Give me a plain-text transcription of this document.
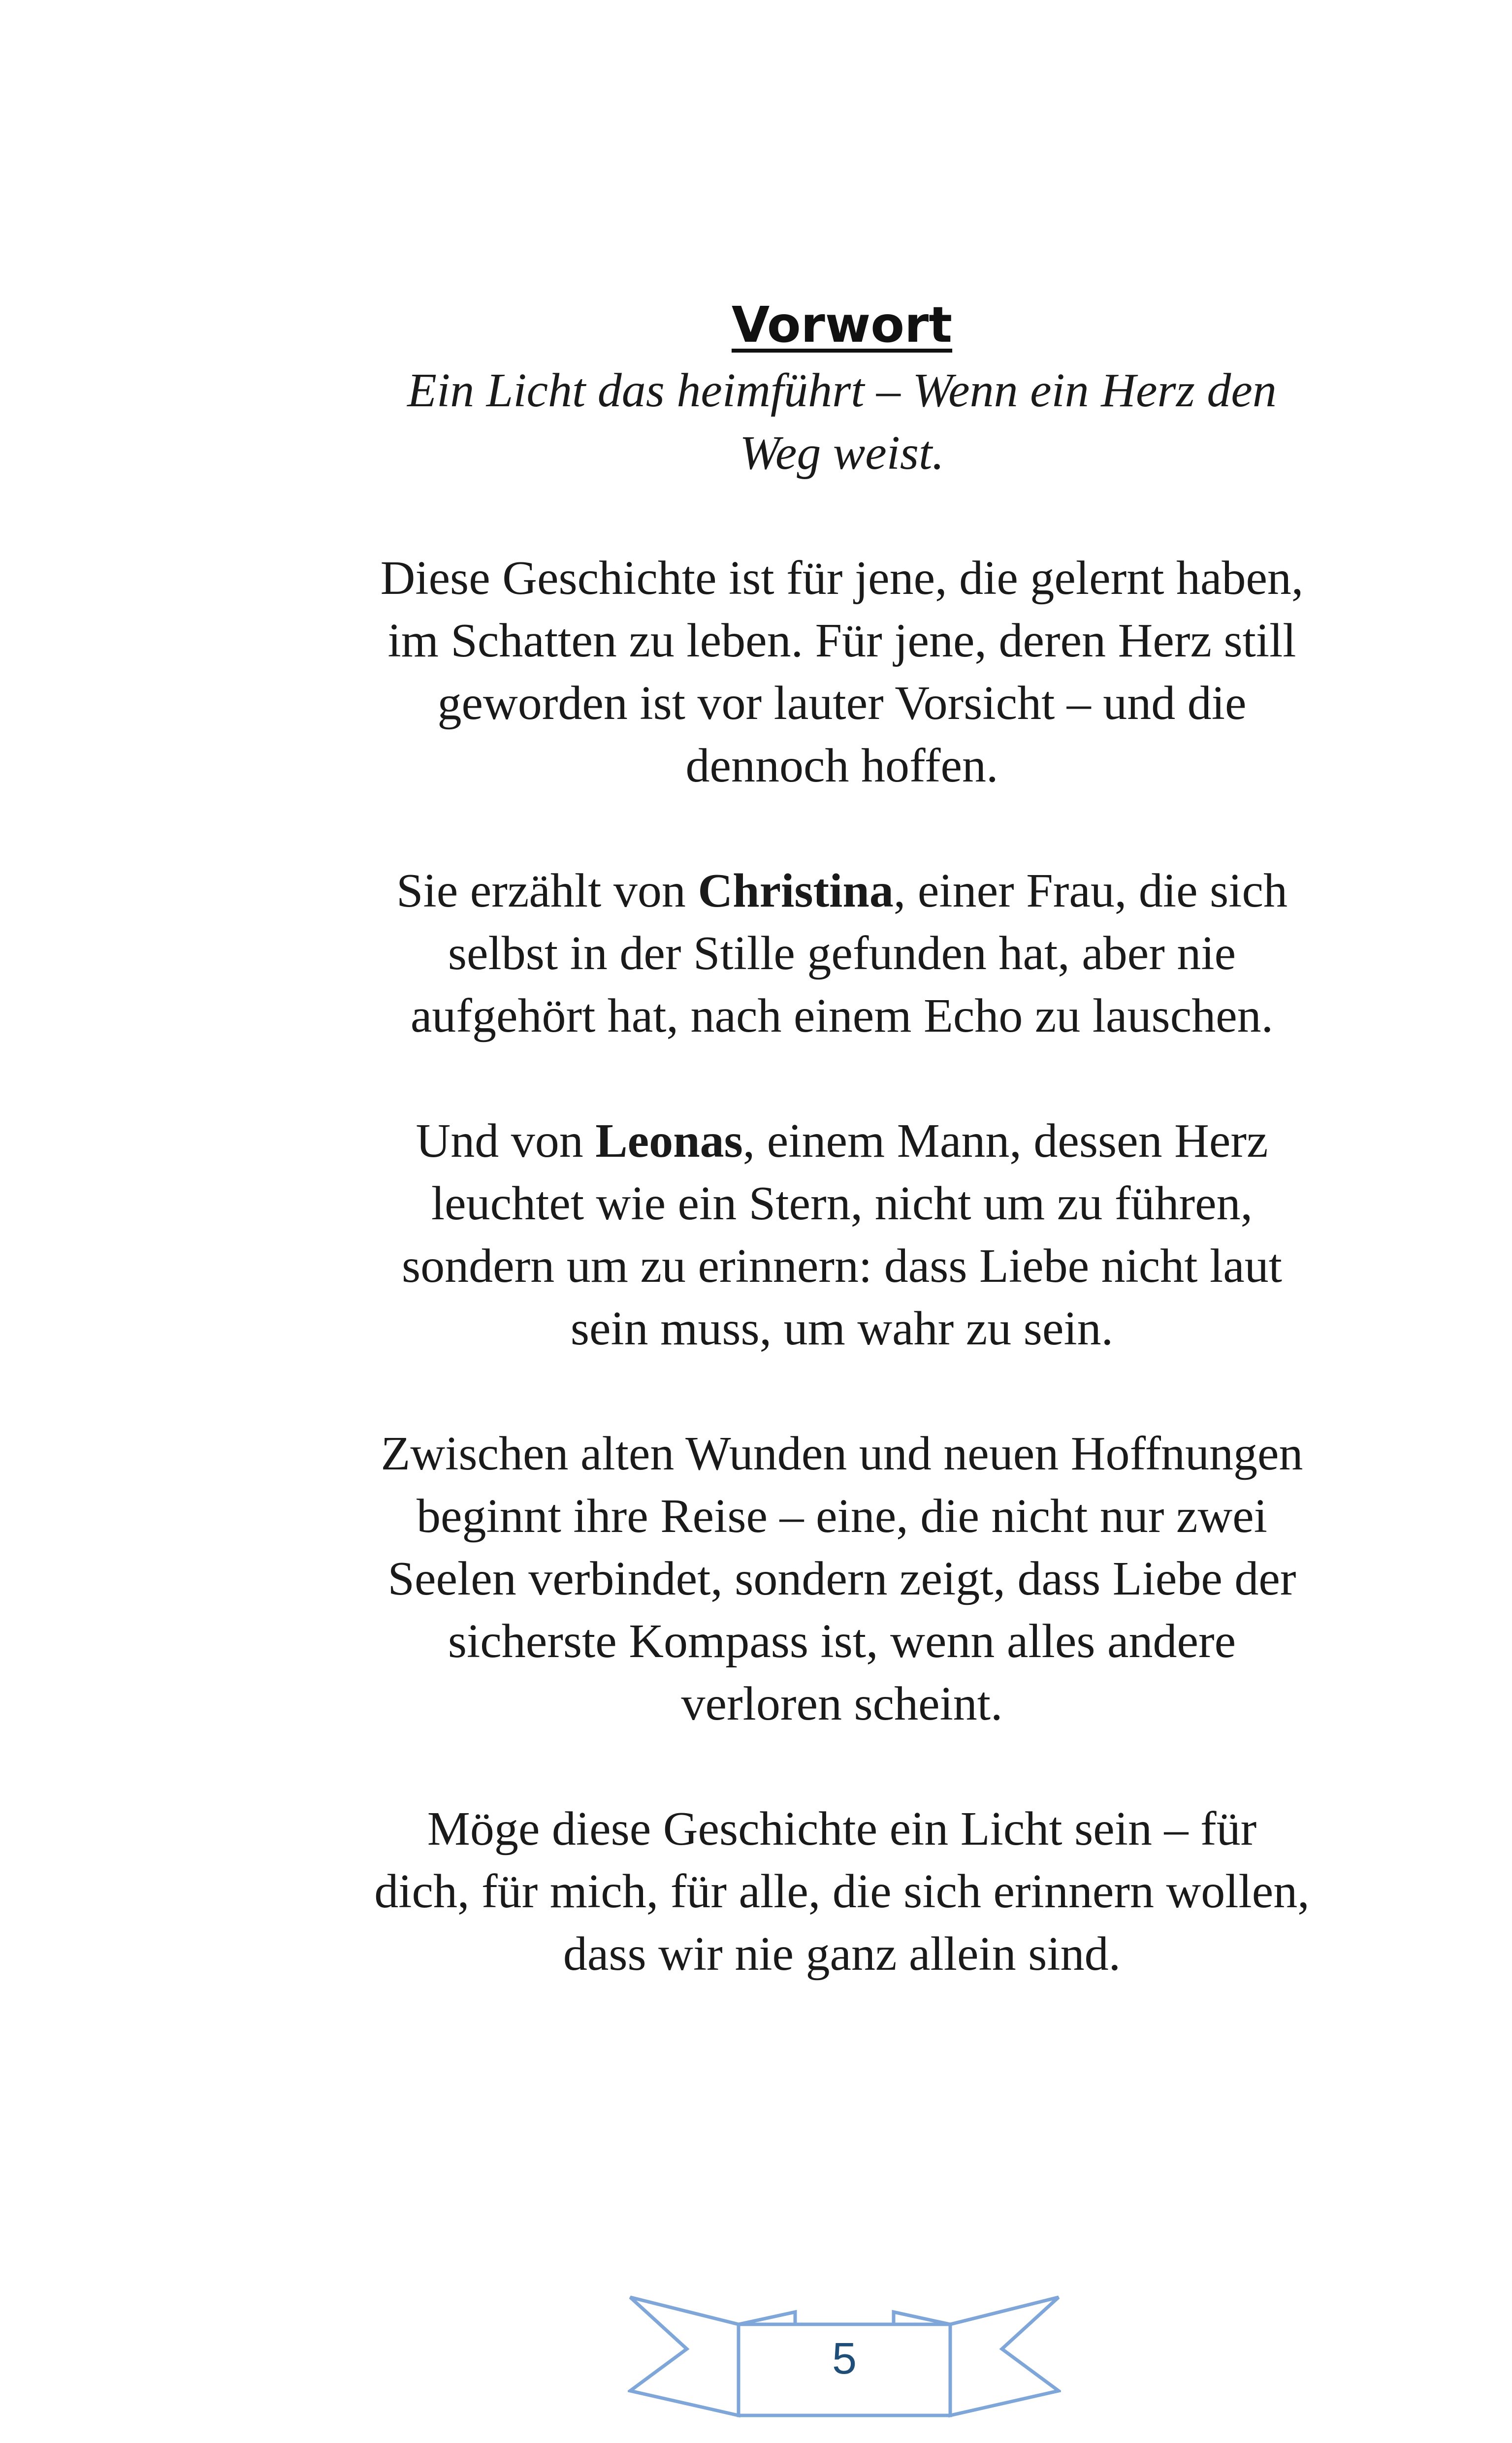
Vorwort
Ein Licht das heimführt – Wenn ein Herz den Weg weist.
Diese Geschichte ist für jene, die gelernt haben, im Schatten zu leben. Für jene, deren Herz still geworden ist vor lauter Vorsicht – und die dennoch hoffen.
Sie erzählt von Christina, einer Frau, die sich selbst in der Stille gefunden hat, aber nie aufgehört hat, nach einem Echo zu lauschen.
Und von Leonas, einem Mann, dessen Herz leuchtet wie ein Stern, nicht um zu führen, sondern um zu erinnern: dass Liebe nicht laut sein muss, um wahr zu sein.
Zwischen alten Wunden und neuen Hoffnungen beginnt ihre Reise – eine, die nicht nur zwei Seelen verbindet, sondern zeigt, dass Liebe der sicherste Kompass ist, wenn alles andere verloren scheint.
Möge diese Geschichte ein Licht sein – für dich, für mich, für alle, die sich erinnern wollen, dass wir nie ganz allein sind.
5
